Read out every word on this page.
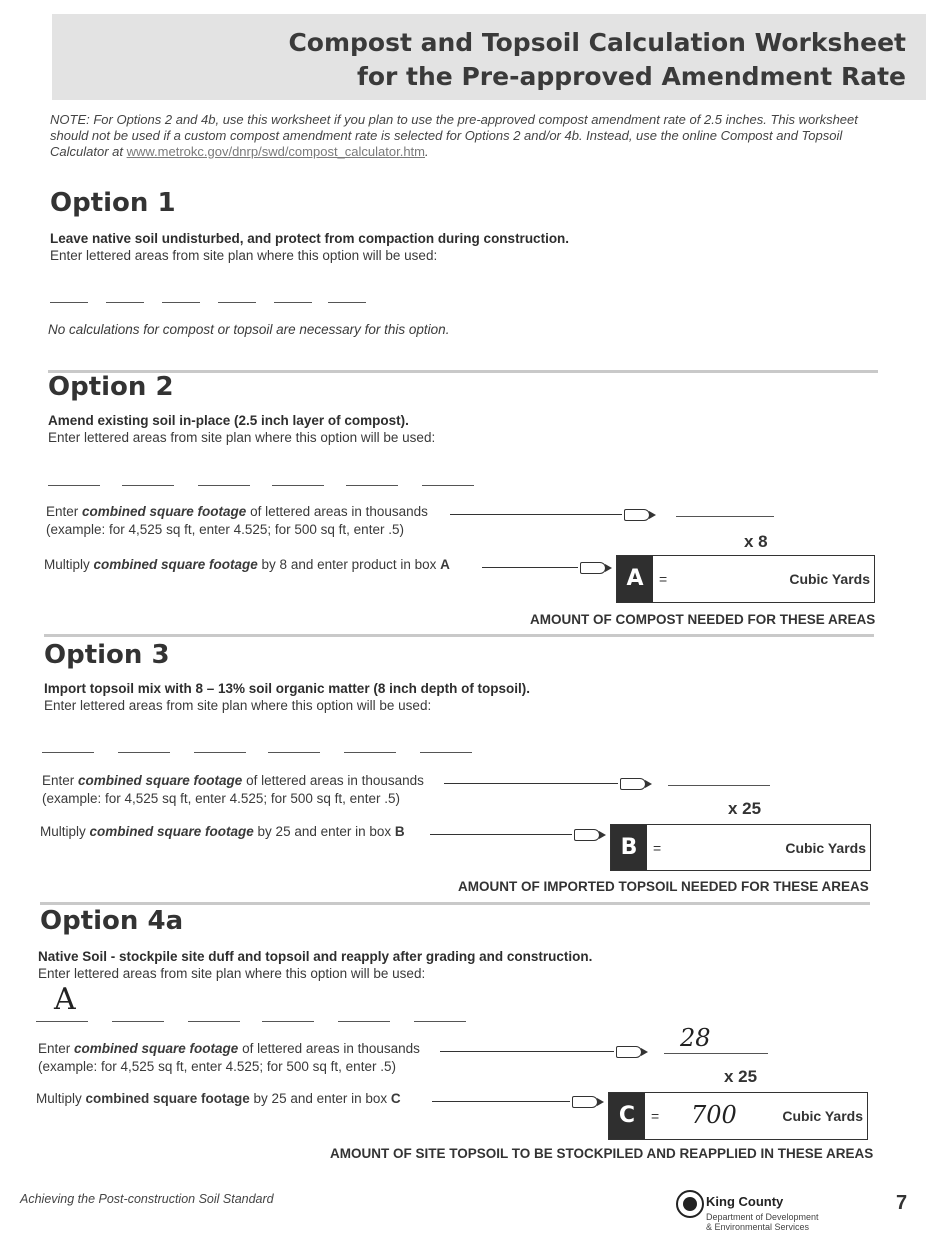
Compost and Topsoil Calculation Worksheet
for the Pre-approved Amendment Rate
NOTE: For Options 2 and 4b, use this worksheet if you plan to use the pre-approved compost amendment rate of 2.5 inches. This worksheet should not be used if a custom compost amendment rate is selected for Options 2 and/or 4b. Instead, use the online Compost and Topsoil Calculator at www.metrokc.gov/dnrp/swd/compost_calculator.htm.
Option 1
Leave native soil undisturbed, and protect from compaction during construction.
Enter lettered areas from site plan where this option will be used:
No calculations for compost or topsoil are necessary for this option.
Option 2
Amend existing soil in-place (2.5 inch layer of compost).
Enter lettered areas from site plan where this option will be used:
Enter combined square footage of lettered areas in thousands
(example: for 4,525 sq ft, enter 4.525; for 500 sq ft, enter .5)
x 8
Multiply combined square footage by 8 and enter product in box A
A	=	Cubic Yards
AMOUNT OF COMPOST NEEDED FOR THESE AREAS
Option 3
Import topsoil mix with 8 – 13% soil organic matter (8 inch depth of topsoil).
Enter lettered areas from site plan where this option will be used:
Enter combined square footage of lettered areas in thousands
(example: for 4,525 sq ft, enter 4.525; for 500 sq ft, enter .5)
x 25
Multiply combined square footage by 25 and enter in box B
B	=	Cubic Yards
AMOUNT OF IMPORTED TOPSOIL NEEDED FOR THESE AREAS
Option 4a
Native Soil - stockpile site duff and topsoil and reapply after grading and construction.
Enter lettered areas from site plan where this option will be used:
A
Enter combined square footage of lettered areas in thousands	28
(example: for 4,525 sq ft, enter 4.525; for 500 sq ft, enter .5)
x 25
Multiply combined square footage by 25 and enter in box C
C	= 700	Cubic Yards
AMOUNT OF SITE TOPSOIL TO BE STOCKPILED AND REAPPLIED IN THESE AREAS
Achieving the Post-construction Soil Standard	King County
Department of Development
& Environmental Services
7
